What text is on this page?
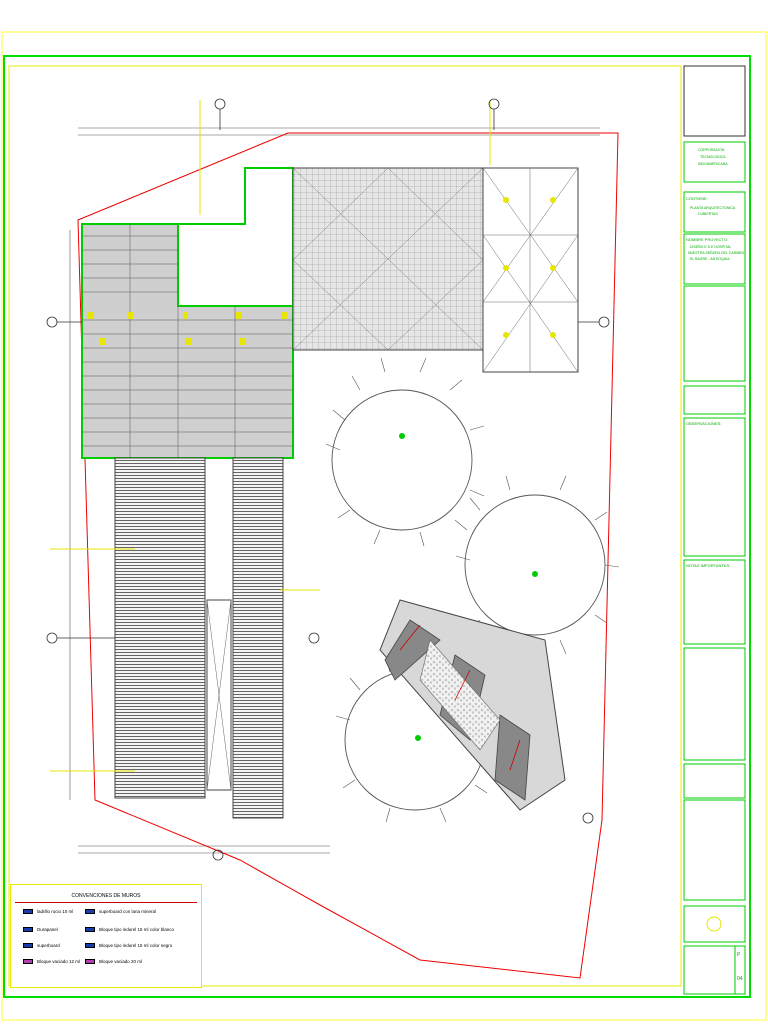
CORPORACION
TECNOLOGICA
INDOAMERICANA
CONTIENE:
PLANTA ARQUITECTONICA
CUBIERTAS
NOMBRE PROYECTO:
DISEÑO E.S.E HOSPITAL
NUESTRA SEÑORA DEL CARMEN
EL BAGRE - ANTIOQUIA
OBSERVACIONES:
NOTAS IMPORTANTES:
P
04
CONVENCIONES DE MUROS
ladrillo rucio 10 ml
Durapanel
superboard
Bloque vaciado 12 ml
superboard con lana mineral
Bloque tipo indurel 15 ml color blanco
Bloque tipo indurel 15 ml color negro
Bloque vaciado 20 ml
